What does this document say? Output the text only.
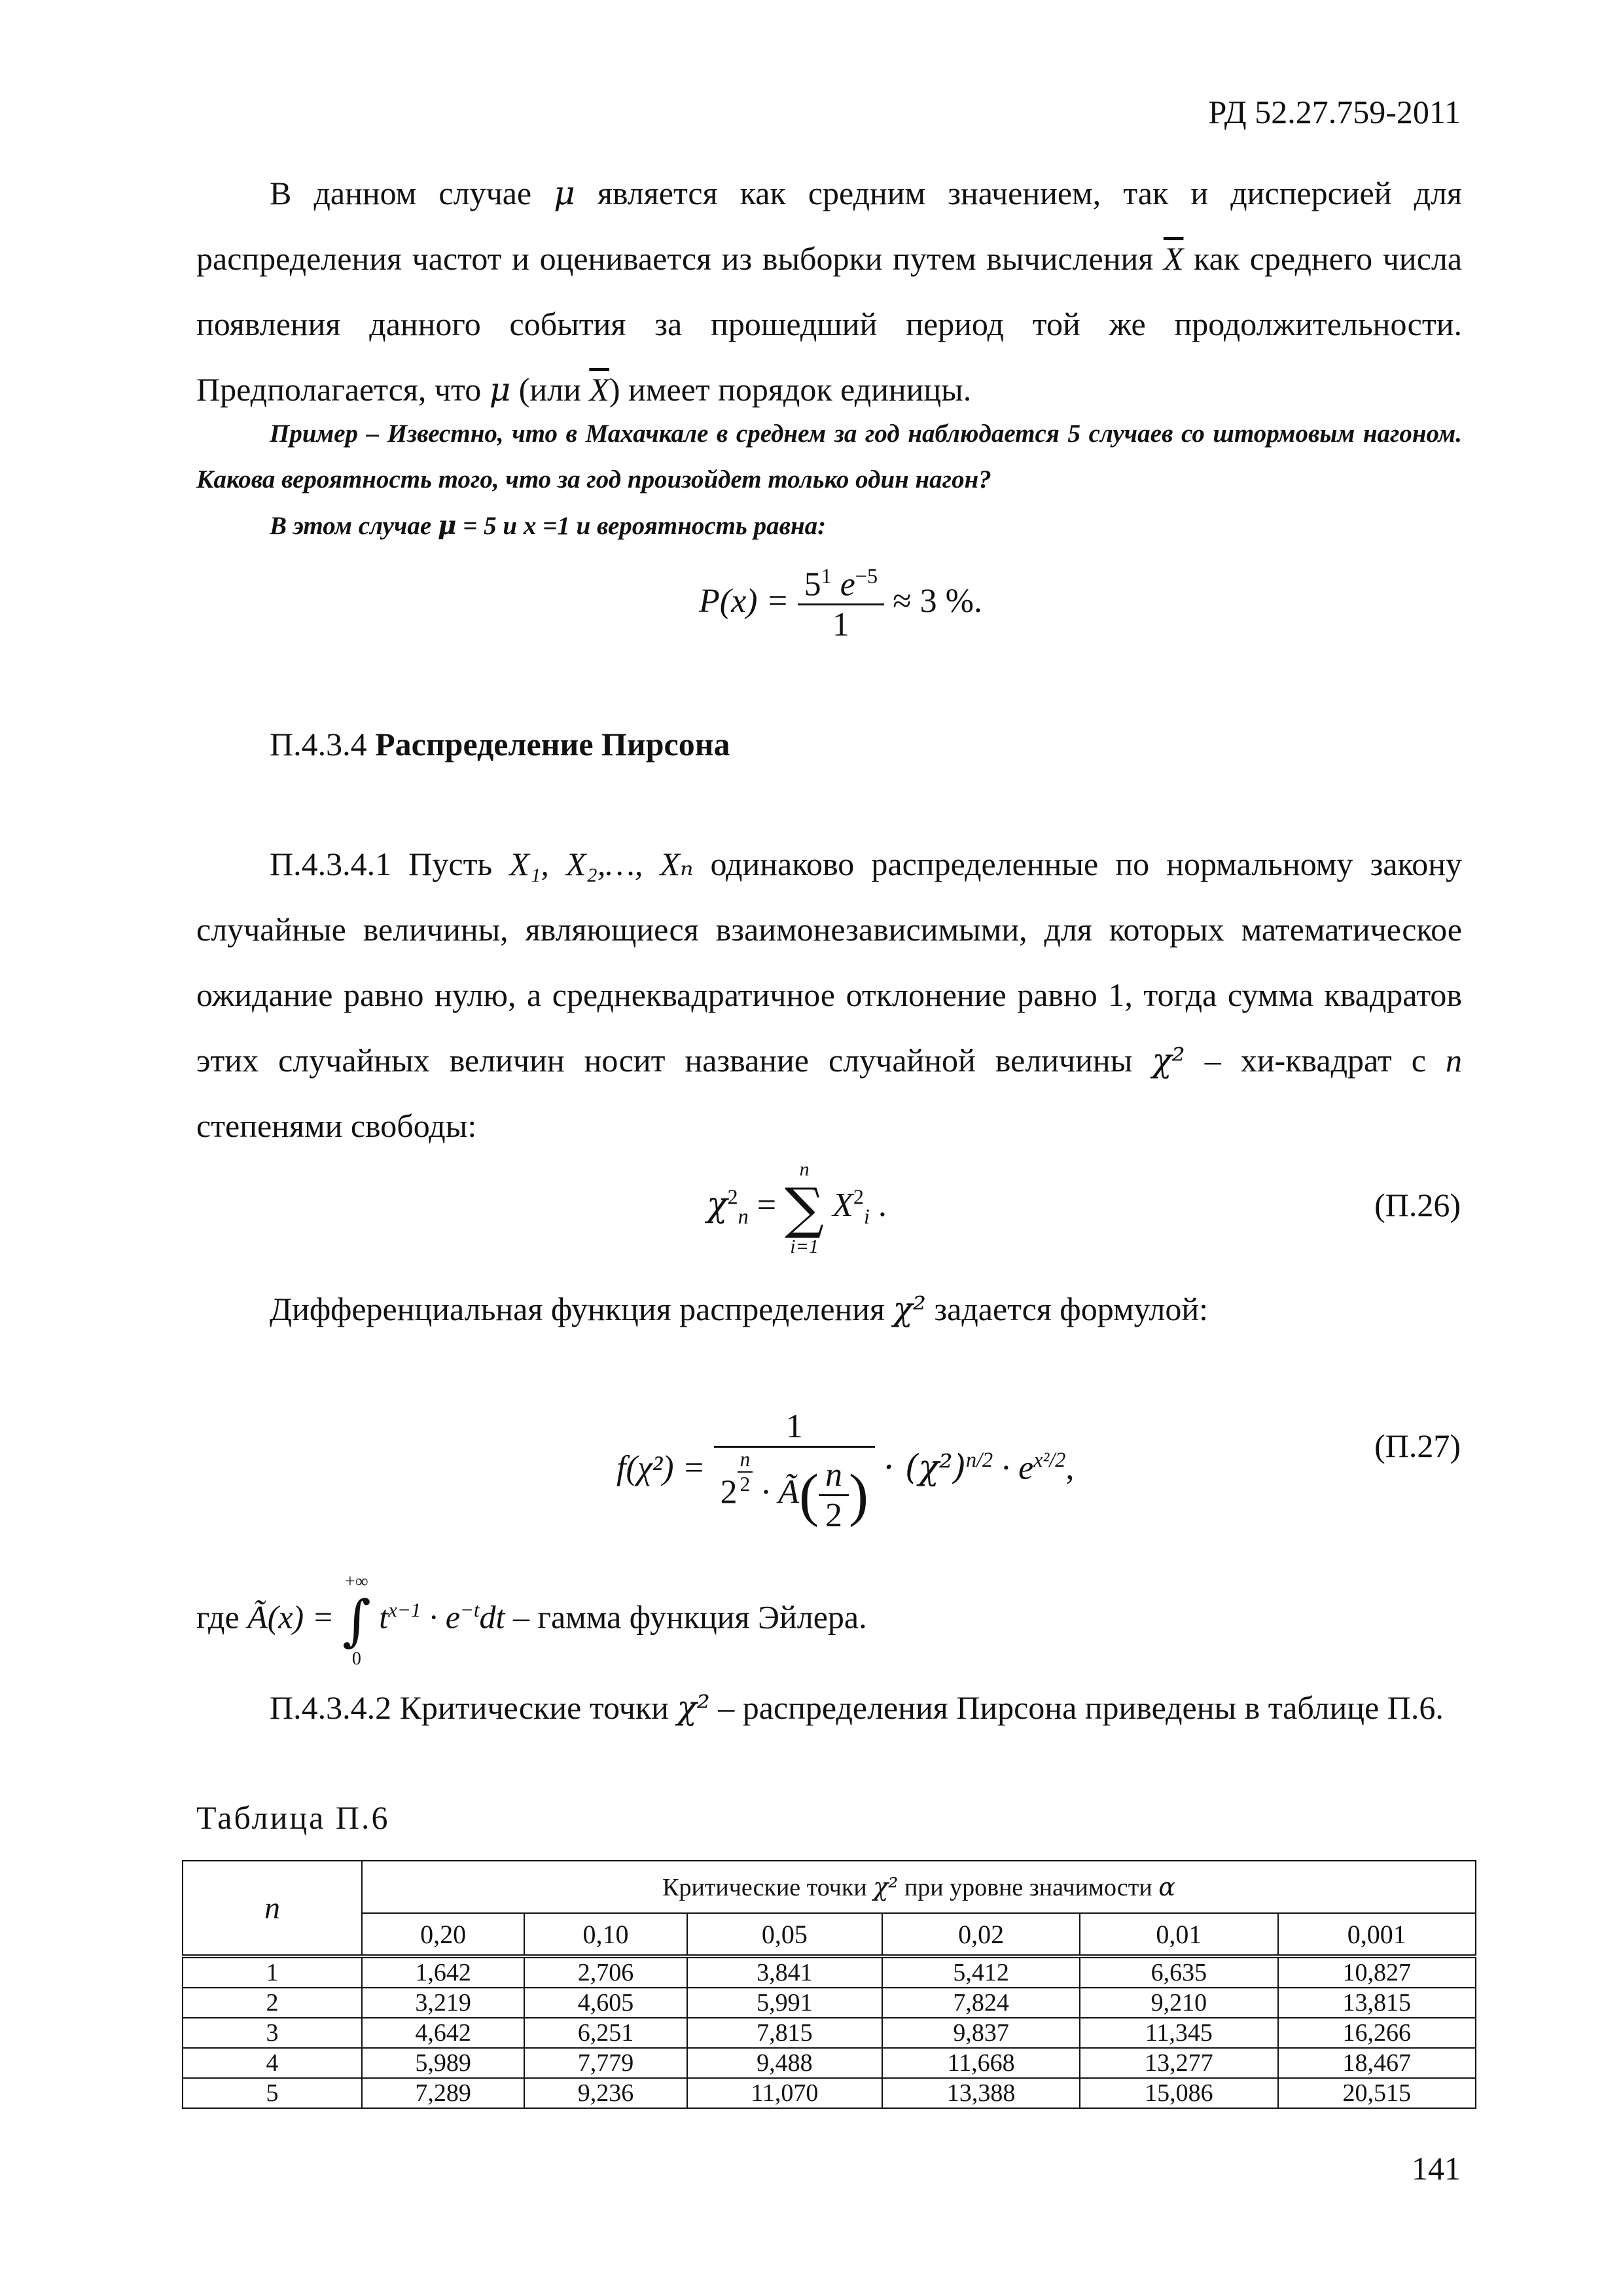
РД 52.27.759-2011

В данном случае μ является как средним значением, так и дисперсией для распределения частот и оценивается из выборки путем вычисления $\overline{X}$ как среднего числа появления данного события за прошедший период той же продолжительности. Предполагается, что μ (или $\overline{X}$) имеет порядок единицы.

Пример – Известно, что в Махачкале в среднем за год наблюдается 5 случаев со штормовым нагоном. Какова вероятность того, что за год произойдет только один нагон?

В этом случае μ = 5 и x =1 и вероятность равна:

$P(x) = \frac{5^1 e^{-5}}{1} \approx 3$ %.
П.4.3.4 Распределение Пирсона

П.4.3.4.1 Пусть X₁, X₂,…, Xₙ одинаково распределенные по нормальному закону случайные величины, являющиеся взаимонезависимыми, для которых математическое ожидание равно нулю, а среднеквадратичное отклонение равно 1, тогда сумма квадратов этих случайных величин носит название случайной величины χ² – хи-квадрат с n степенями свободы:

$\chi^2_n$ =
n
∑
i=1
$X^2_i$ .	(П.26)

Дифференциальная функция распределения χ² задается формулой:

f(χ²) = 1
2 $^{\frac{n}{2}}$ · Ã( $\frac{n}{2}$ ) · $(\chi^2)^{n/2} \cdot e^{x^2/2}$,
(П.27)
где Ã(x) =
+∞
∫
0
$t^{x-1} \cdot e^{-t}dt$ – гамма функция Эйлера.
П.4.3.4.2 Критические точки χ² – распределения Пирсона приведены в таблице П.6.
Таблица П.6
n	Критические точки χ² при уровне значимости α					
	0,20	0,10	0,05	0,02	0,01	0,001
1	1,642	2,706	3,841	5,412	6,635	10,827
2	3,219	4,605	5,991	7,824	9,210	13,815
3	4,642	6,251	7,815	9,837	11,345	16,266
4	5,989	7,779	9,488	11,668	13,277	18,467
5	7,289	9,236	11,070	13,388	15,086	20,515
141
